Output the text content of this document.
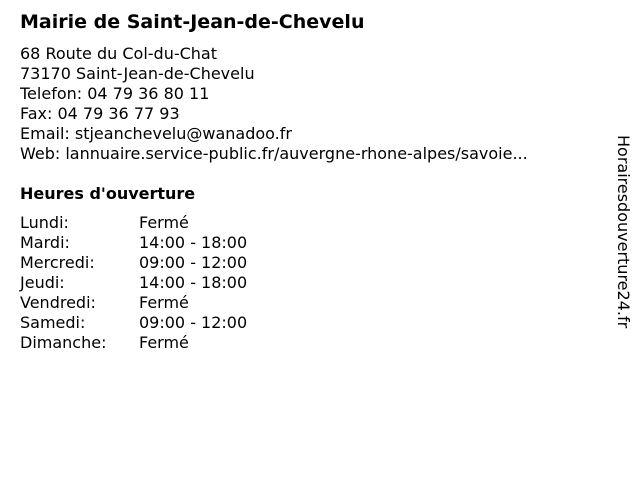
Mairie de Saint-Jean-de-Chevelu
68 Route du Col-du-Chat
73170 Saint-Jean-de-Chevelu
Telefon: 04 79 36 80 11
Fax: 04 79 36 77 93
Email: stjeanchevelu@wanadoo.fr
Web: lannuaire.service-public.fr/auvergne-rhone-alpes/savoie...
Heures d'ouverture
Lundi:	Fermé
Mardi:	14:00 - 18:00
Mercredi:	09:00 - 12:00
Jeudi:	14:00 - 18:00
Vendredi:	Fermé
Samedi:	09:00 - 12:00
Dimanche:	Fermé
Horairesdouverture24.fr
